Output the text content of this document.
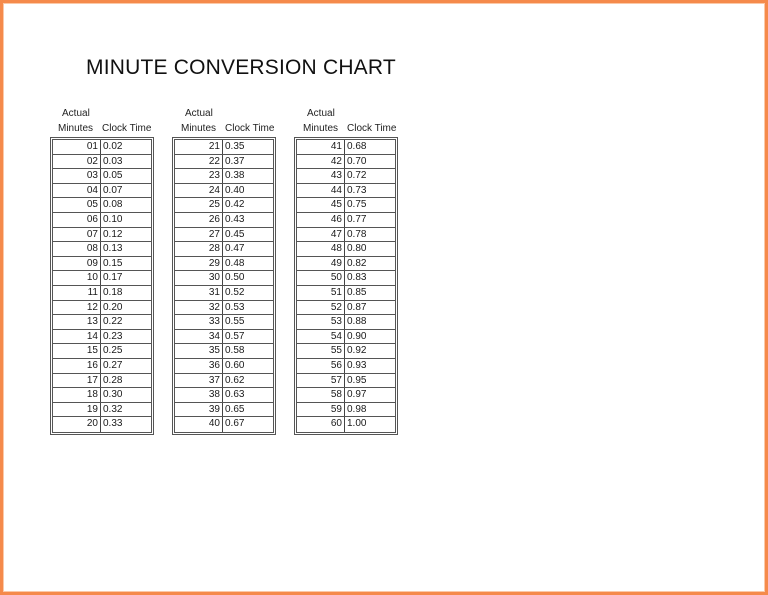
MINUTE CONVERSION CHART
Actual
Minutes Clock Time
01 0.02
02 0.03
03 0.05
04 0.07
05 0.08
06 0.10
07 0.12
08 0.13
09 0.15
10 0.17
11 0.18
12 0.20
13 0.22
14 0.23
15 0.25
16 0.27
17 0.28
18 0.30
19 0.32
20 0.33
Actual
Minutes Clock Time
21 0.35
22 0.37
23 0.38
24 0.40
25 0.42
26 0.43
27 0.45
28 0.47
29 0.48
30 0.50
31 0.52
32 0.53
33 0.55
34 0.57
35 0.58
36 0.60
37 0.62
38 0.63
39 0.65
40 0.67
Actual
Minutes Clock Time
41 0.68
42 0.70
43 0.72
44 0.73
45 0.75
46 0.77
47 0.78
48 0.80
49 0.82
50 0.83
51 0.85
52 0.87
53 0.88
54 0.90
55 0.92
56 0.93
57 0.95
58 0.97
59 0.98
60 1.00
